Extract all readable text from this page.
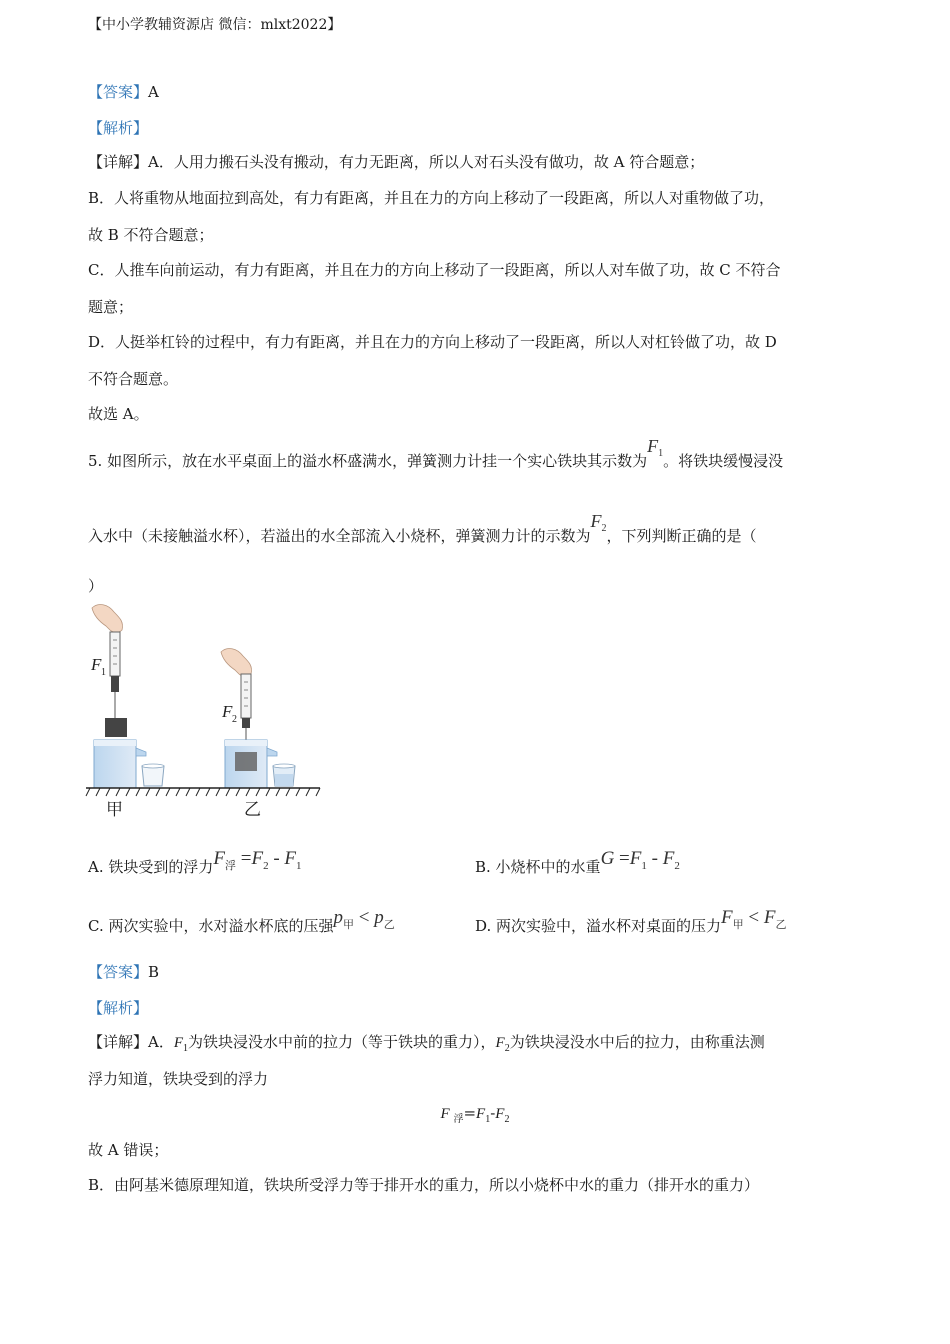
【中小学教辅资源店 微信：mlxt2022】
【答案】A
【解析】
【详解】A．人用力搬石头没有搬动，有力无距离，所以人对石头没有做功，故 A 符合题意；
B．人将重物从地面拉到高处，有力有距离，并且在力的方向上移动了一段距离，所以人对重物做了功，
故 B 不符合题意；
C．人推车向前运动，有力有距离，并且在力的方向上移动了一段距离，所以人对车做了功，故 C 不符合
题意；
D．人挺举杠铃的过程中，有力有距离，并且在力的方向上移动了一段距离，所以人对杠铃做了功，故 D
不符合题意。
故选 A。
5. 如图所示，放在水平桌面上的溢水杯盛满水，弹簧测力计挂一个实心铁块其示数为$F_1$。将铁块缓慢浸没
入水中（未接触溢水杯），若溢出的水全部流入小烧杯，弹簧测力计的示数为$F_2$，下列判断正确的是（
）
F 1
F 2
甲	乙
A. 铁块受到的浮力$F_浮 =F_2 - F_1$	B. 小烧杯中的水重$G =F_1 - F_2$
C. 两次实验中，水对溢水杯底的压强$p_甲 < p_乙$	D. 两次实验中，溢水杯对桌面的压力$F_甲 < F_乙$
【答案】B
【解析】
【详解】A．$F_1$为铁块浸没水中前的拉力（等于铁块的重力），$F_2$为铁块浸没水中后的拉力，由称重法测
浮力知道，铁块受到的浮力
F $_浮=F_1-F_2$
故 A 错误；
B．由阿基米德原理知道，铁块所受浮力等于排开水的重力，所以小烧杯中水的重力（排开水的重力）
